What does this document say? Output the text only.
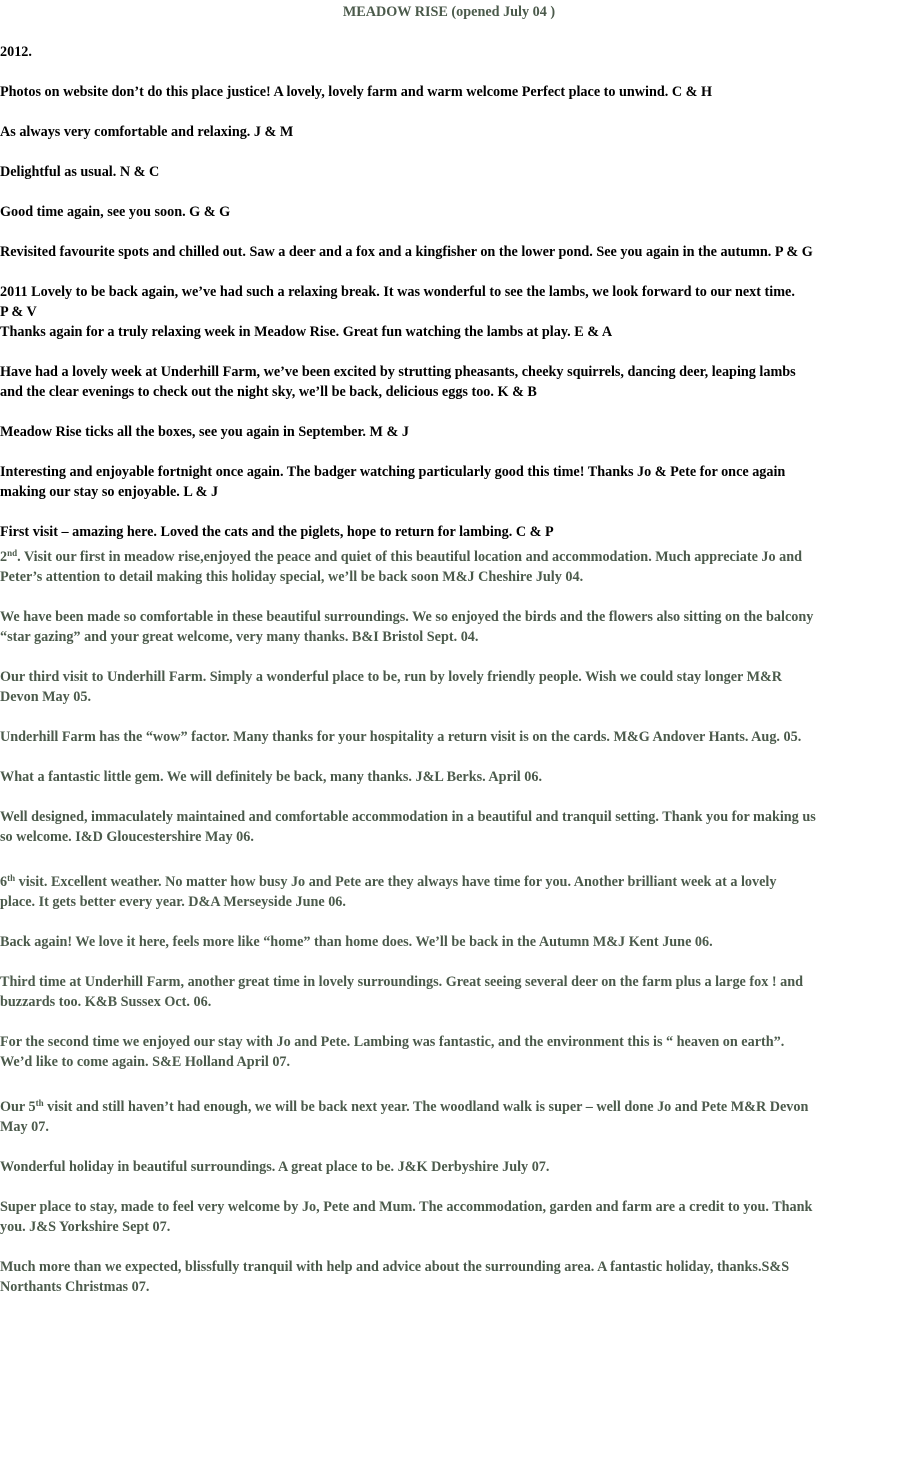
MEADOW RISE (opened July 04 )

2012.

Photos on website don’t do this place justice! A lovely, lovely farm and warm welcome Perfect place to unwind. C & H

As always very comfortable and relaxing. J & M

Delightful as usual. N & C

Good time again, see you soon. G & G

Revisited favourite spots and chilled out. Saw a deer and a fox and a kingfisher on the lower pond. See you again in the autumn. P & G

2011 Lovely to be back again, we’ve had such a relaxing break. It was wonderful to see the lambs, we look forward to our next time.
P & V

Thanks again for a truly relaxing week in Meadow Rise. Great fun watching the lambs at play. E & A

Have had a lovely week at Underhill Farm, we’ve been excited by strutting pheasants, cheeky squirrels, dancing deer, leaping lambs
and the clear evenings to check out the night sky, we’ll be back, delicious eggs too. K & B

Meadow Rise ticks all the boxes, see you again in September. M & J

Interesting and enjoyable fortnight once again. The badger watching particularly good this time! Thanks Jo & Pete for once again
making our stay so enjoyable. L & J

First visit – amazing here. Loved the cats and the piglets, hope to return for lambing. C & P

2nd. Visit our first in meadow rise,enjoyed the peace and quiet of this beautiful location and accommodation. Much appreciate Jo and
Peter’s attention to detail making this holiday special, we’ll be back soon M&J Cheshire July 04.

We have been made so comfortable in these beautiful surroundings. We so enjoyed the birds and the flowers also sitting on the balcony
“star gazing” and your great welcome, very many thanks. B&I Bristol Sept. 04.

Our third visit to Underhill Farm. Simply a wonderful place to be, run by lovely friendly people. Wish we could stay longer M&R
Devon May 05.

Underhill Farm has the “wow” factor. Many thanks for your hospitality a return visit is on the cards. M&G Andover Hants. Aug. 05.

What a fantastic little gem. We will definitely be back, many thanks. J&L Berks. April 06.

Well designed, immaculately maintained and comfortable accommodation in a beautiful and tranquil setting. Thank you for making us
so welcome. I&D Gloucestershire May 06.

6th visit. Excellent weather. No matter how busy Jo and Pete are they always have time for you. Another brilliant week at a lovely
place. It gets better every year. D&A Merseyside June 06.

Back again! We love it here, feels more like “home” than home does. We’ll be back in the Autumn M&J Kent June 06.

Third time at Underhill Farm, another great time in lovely surroundings. Great seeing several deer on the farm plus a large fox ! and
buzzards too. K&B Sussex Oct. 06.

For the second time we enjoyed our stay with Jo and Pete. Lambing was fantastic, and the environment this is “ heaven on earth”.
We’d like to come again. S&E Holland April 07.

Our 5th visit and still haven’t had enough, we will be back next year. The woodland walk is super – well done Jo and Pete M&R Devon
May 07.

Wonderful holiday in beautiful surroundings. A great place to be. J&K Derbyshire July 07.

Super place to stay, made to feel very welcome by Jo, Pete and Mum. The accommodation, garden and farm are a credit to you. Thank
you. J&S Yorkshire Sept 07.

Much more than we expected, blissfully tranquil with help and advice about the surrounding area. A fantastic holiday, thanks.S&S
Northants Christmas 07.
